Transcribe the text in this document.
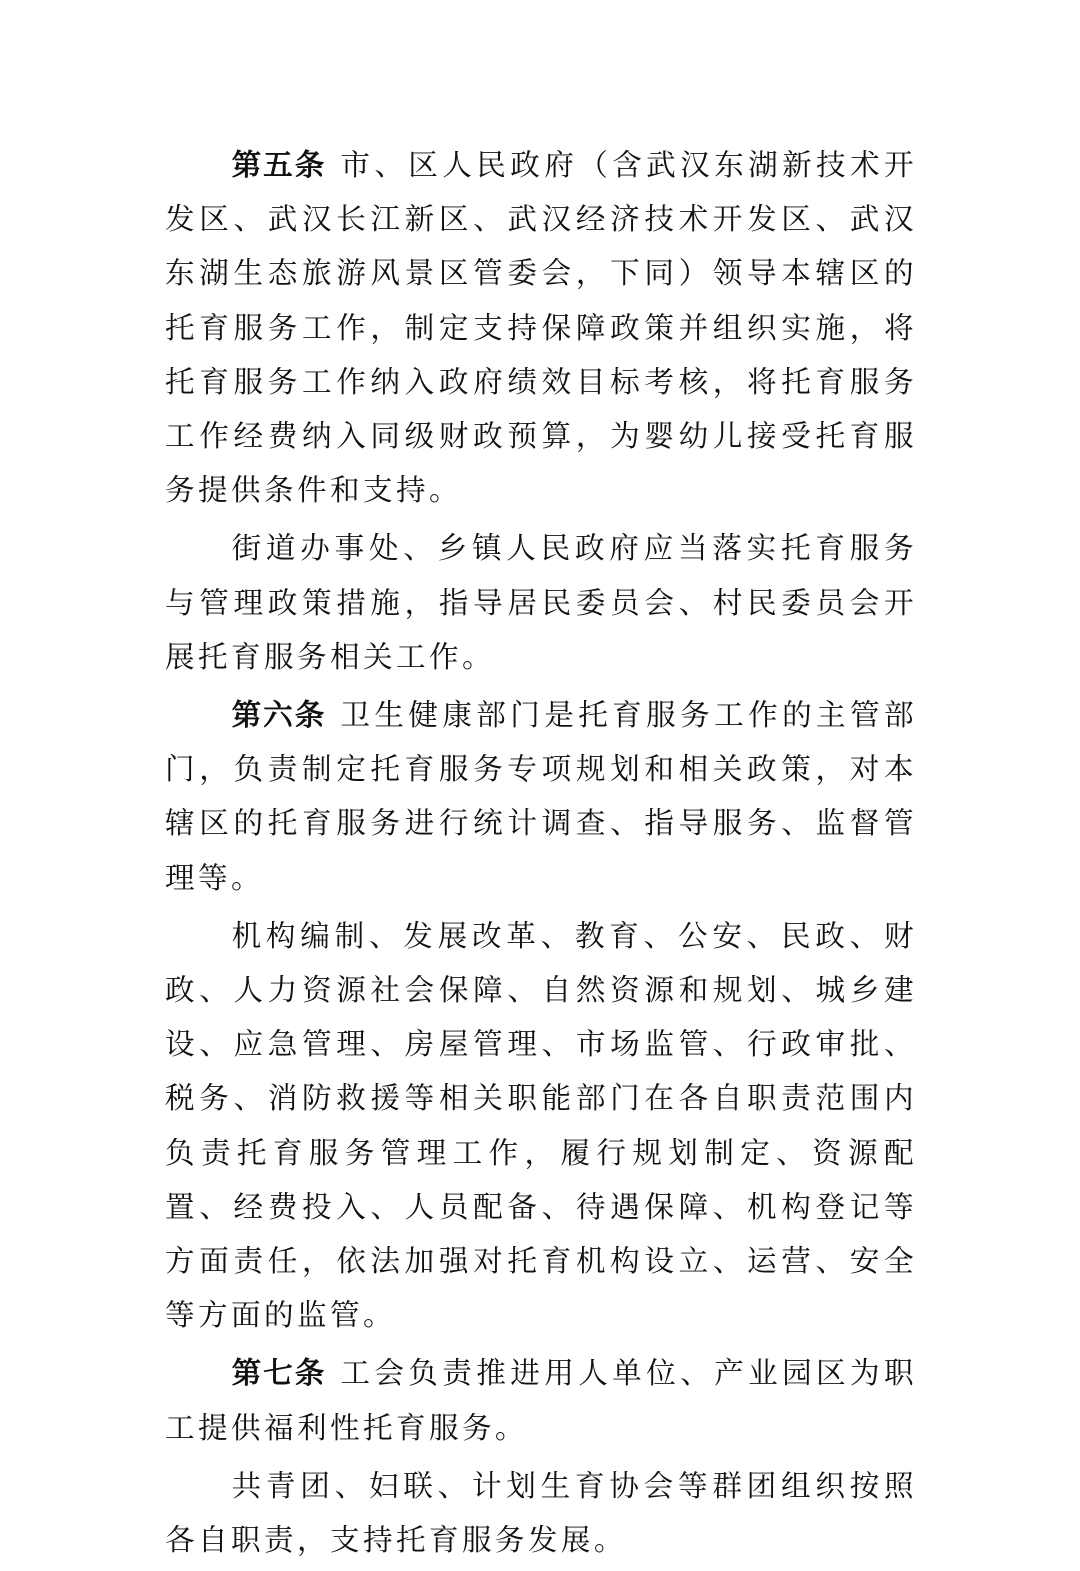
第五条 市、区人民政府（含武汉东湖新技术开发区、武汉长江新区、武汉经济技术开发区、武汉东湖生态旅游风景区管委会，下同）领导本辖区的托育服务工作，制定支持保障政策并组织实施，将托育服务工作纳入政府绩效目标考核，将托育服务工作经费纳入同级财政预算，为婴幼儿接受托育服务提供条件和支持。

街道办事处、乡镇人民政府应当落实托育服务与管理政策措施，指导居民委员会、村民委员会开展托育服务相关工作。

第六条 卫生健康部门是托育服务工作的主管部门，负责制定托育服务专项规划和相关政策，对本辖区的托育服务进行统计调查、指导服务、监督管理等。

机构编制、发展改革、教育、公安、民政、财政、人力资源社会保障、自然资源和规划、城乡建设、应急管理、房屋管理、市场监管、行政审批、税务、消防救援等相关职能部门在各自职责范围内负责托育服务管理工作，履行规划制定、资源配置、经费投入、人员配备、待遇保障、机构登记等方面责任，依法加强对托育机构设立、运营、安全等方面的监管。

第七条 工会负责推进用人单位、产业园区为职工提供福利性托育服务。

共青团、妇联、计划生育协会等群团组织按照各自职责，支持托育服务发展。
